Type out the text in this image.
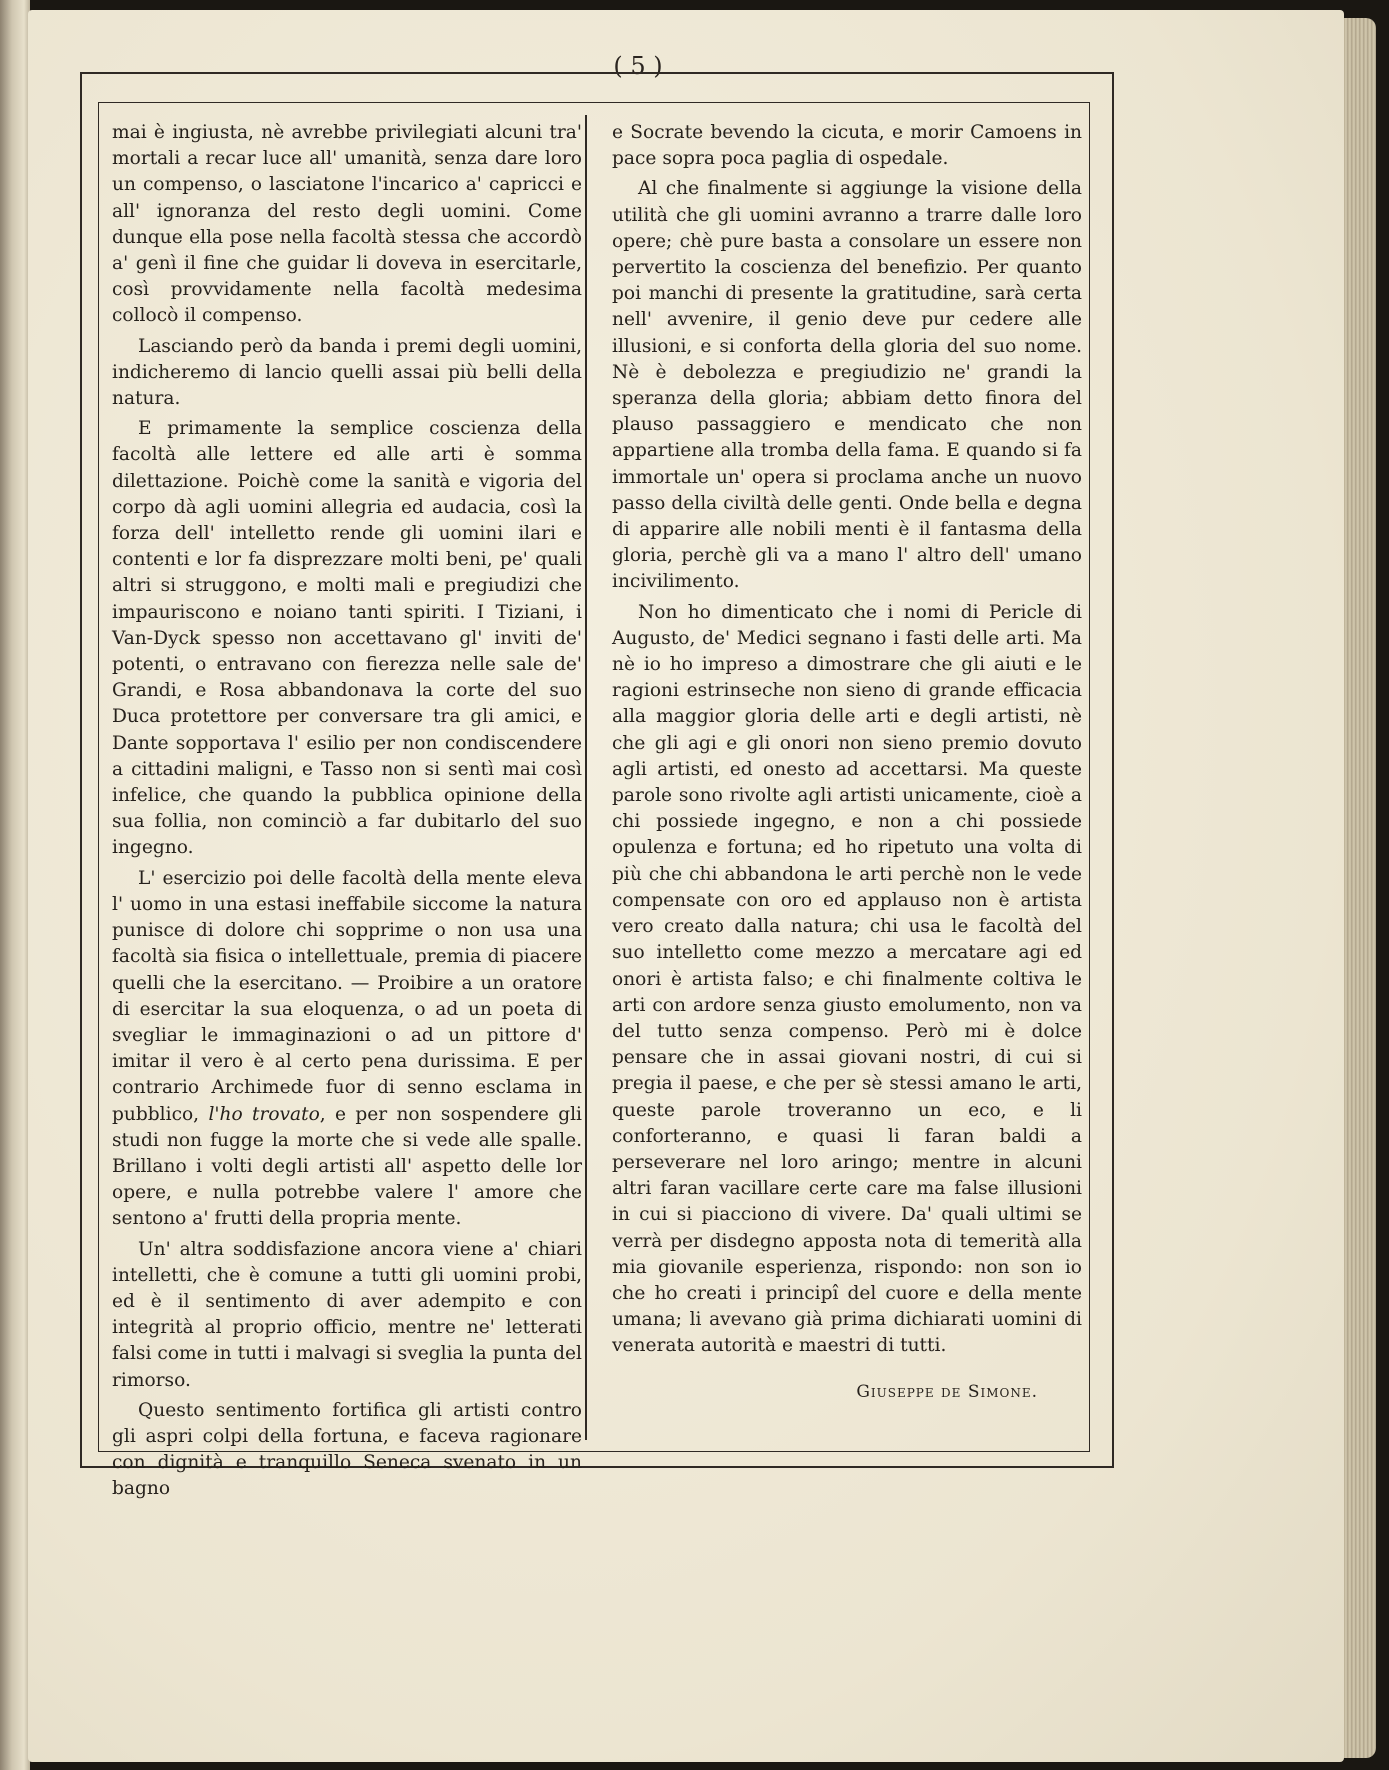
( 5 )

mai è ingiusta, nè avrebbe privilegiati alcuni tra' mortali a recar luce all' umanità, senza dare loro un compenso, o lasciatone l'incarico a' capricci e all' ignoranza del resto degli uomini. Come dunque ella pose nella facoltà stessa che accordò a' genì il fine che guidar li doveva in esercitarle, così provvidamente nella facoltà medesima collocò il compenso.

Lasciando però da banda i premi degli uomini, indicheremo di lancio quelli assai più belli della natura.

E primamente la semplice coscienza della facoltà alle lettere ed alle arti è somma dilettazione. Poichè come la sanità e vigoria del corpo dà agli uomini allegria ed audacia, così la forza dell' intelletto rende gli uomini ilari e contenti e lor fa disprezzare molti beni, pe' quali altri si struggono, e molti mali e pregiudizi che impauriscono e noiano tanti spiriti. I Tiziani, i Van-Dyck spesso non accettavano gl' inviti de' potenti, o entravano con fierezza nelle sale de' Grandi, e Rosa abbandonava la corte del suo Duca protettore per conversare tra gli amici, e Dante sopportava l' esilio per non condiscendere a cittadini maligni, e Tasso non si sentì mai così infelice, che quando la pubblica opinione della sua follia, non cominciò a far dubitarlo del suo ingegno.

L' esercizio poi delle facoltà della mente eleva l' uomo in una estasi ineffabile siccome la natura punisce di dolore chi sopprime o non usa una facoltà sia fisica o intellettuale, premia di piacere quelli che la esercitano. — Proibire a un oratore di esercitar la sua eloquenza, o ad un poeta di svegliar le immaginazioni o ad un pittore d' imitar il vero è al certo pena durissima. E per contrario Archimede fuor di senno esclama in pubblico, l'ho trovato, e per non sospendere gli studi non fugge la morte che si vede alle spalle. Brillano i volti degli artisti all' aspetto delle lor opere, e nulla potrebbe valere l' amore che sentono a' frutti della propria mente.

Un' altra soddisfazione ancora viene a' chiari intelletti, che è comune a tutti gli uomini probi, ed è il sentimento di aver adempito e con integrità al proprio officio, mentre ne' letterati falsi come in tutti i malvagi si sveglia la punta del rimorso.

Questo sentimento fortifica gli artisti contro gli aspri colpi della fortuna, e faceva ragionare con dignità e tranquillo Seneca svenato in un bagno

e Socrate bevendo la cicuta, e morir Camoens in pace sopra poca paglia di ospedale.

Al che finalmente si aggiunge la visione della utilità che gli uomini avranno a trarre dalle loro opere; chè pure basta a consolare un essere non pervertito la coscienza del benefizio. Per quanto poi manchi di presente la gratitudine, sarà certa nell' avvenire, il genio deve pur cedere alle illusioni, e si conforta della gloria del suo nome. Nè è debolezza e pregiudizio ne' grandi la speranza della gloria; abbiam detto finora del plauso passaggiero e mendicato che non appartiene alla tromba della fama. E quando si fa immortale un' opera si proclama anche un nuovo passo della civiltà delle genti. Onde bella e degna di apparire alle nobili menti è il fantasma della gloria, perchè gli va a mano l' altro dell' umano incivilimento.

Non ho dimenticato che i nomi di Pericle di Augusto, de' Medici segnano i fasti delle arti. Ma nè io ho impreso a dimostrare che gli aiuti e le ragioni estrinseche non sieno di grande efficacia alla maggior gloria delle arti e degli artisti, nè che gli agi e gli onori non sieno premio dovuto agli artisti, ed onesto ad accettarsi. Ma queste parole sono rivolte agli artisti unicamente, cioè a chi possiede ingegno, e non a chi possiede opulenza e fortuna; ed ho ripetuto una volta di più che chi abbandona le arti perchè non le vede compensate con oro ed applauso non è artista vero creato dalla natura; chi usa le facoltà del suo intelletto come mezzo a mercatare agi ed onori è artista falso; e chi finalmente coltiva le arti con ardore senza giusto emolumento, non va del tutto senza compenso. Però mi è dolce pensare che in assai giovani nostri, di cui si pregia il paese, e che per sè stessi amano le arti, queste parole troveranno un eco, e li conforteranno, e quasi li faran baldi a perseverare nel loro aringo; mentre in alcuni altri faran vacillare certe care ma false illusioni in cui si piacciono di vivere. Da' quali ultimi se verrà per disdegno apposta nota di temerità alla mia giovanile esperienza, rispondo: non son io che ho creati i principî del cuore e della mente umana; li avevano già prima dichiarati uomini di venerata autorità e maestri di tutti.

Giuseppe de Simone.
